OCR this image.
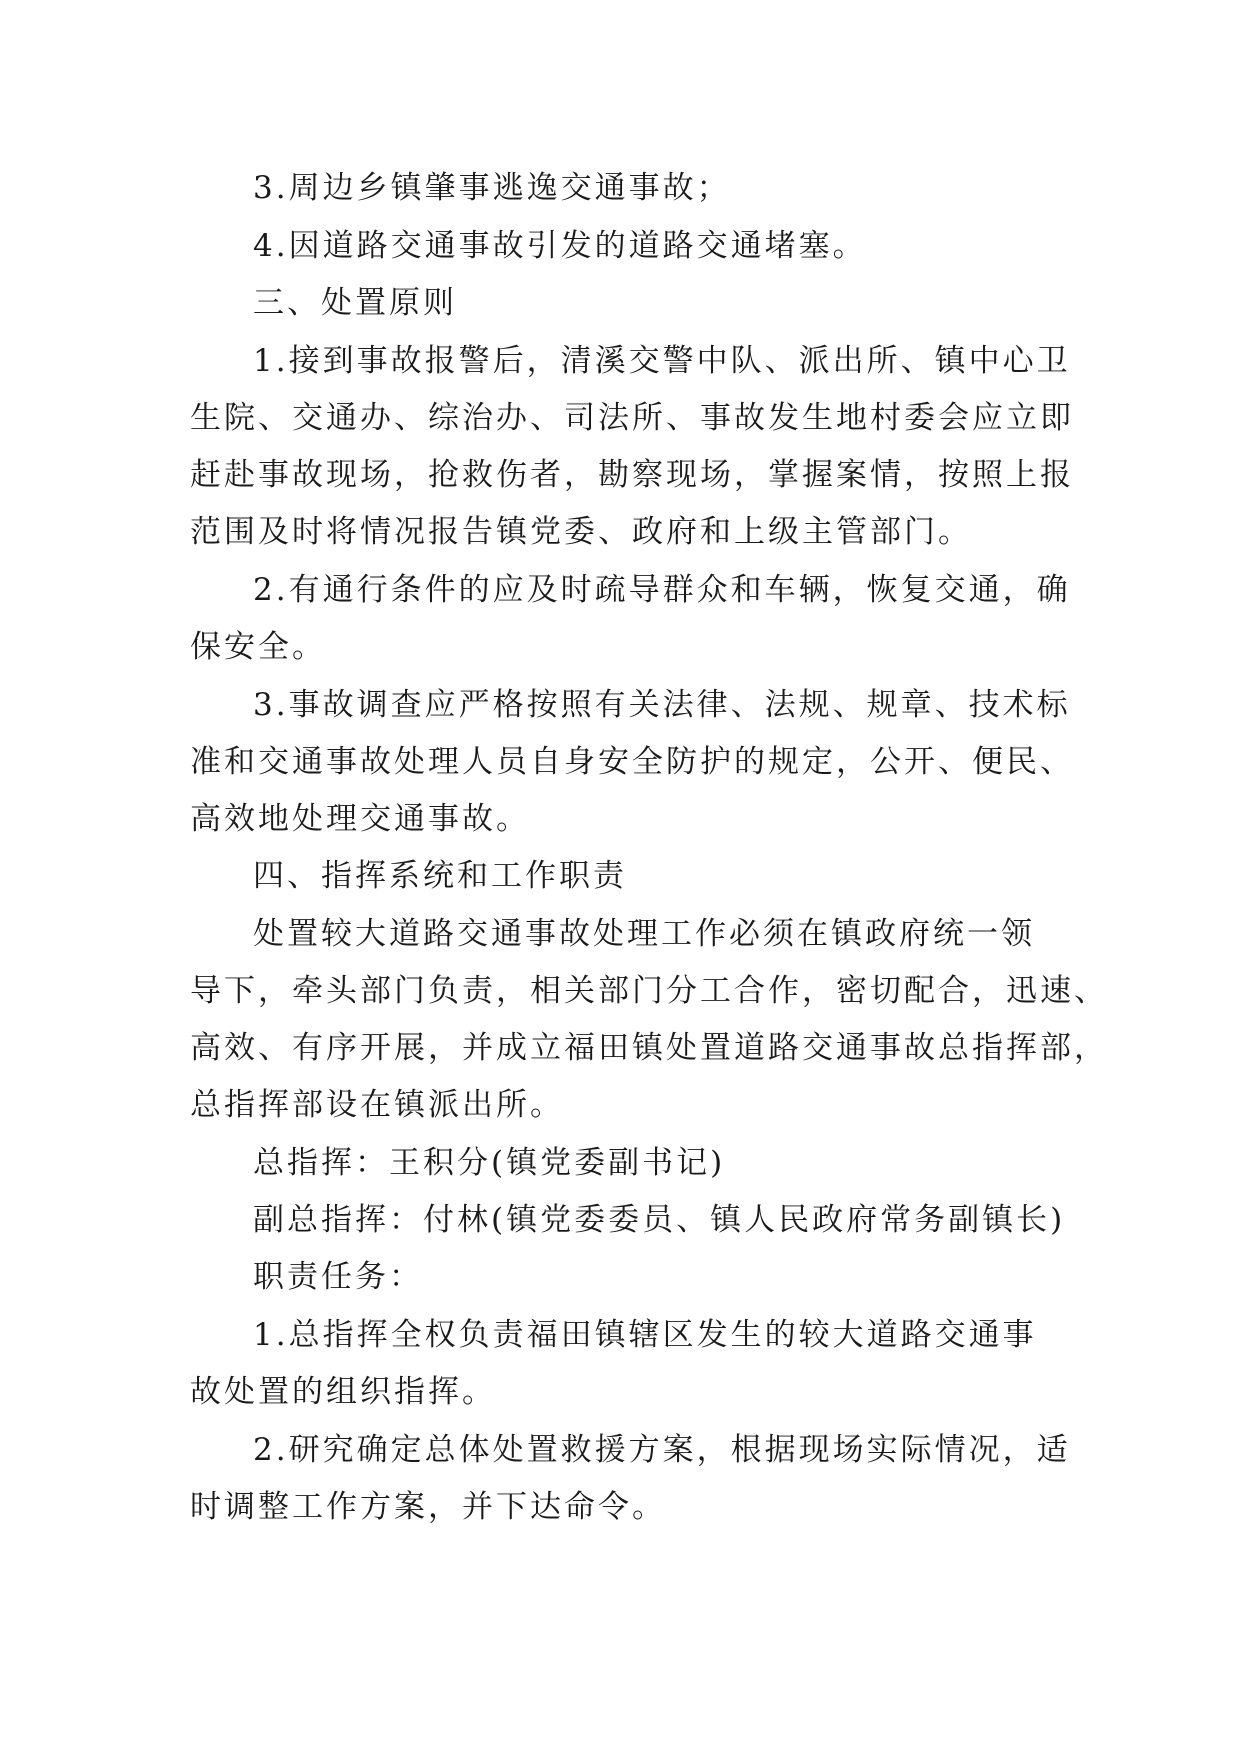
3.周边乡镇肇事逃逸交通事故；
4.因道路交通事故引发的道路交通堵塞。
三、处置原则
1.接到事故报警后，清溪交警中队、派出所、镇中心卫
生院、交通办、综治办、司法所、事故发生地村委会应立即
赶赴事故现场，抢救伤者，勘察现场，掌握案情，按照上报
范围及时将情况报告镇党委、政府和上级主管部门。
2.有通行条件的应及时疏导群众和车辆，恢复交通，确
保安全。
3.事故调查应严格按照有关法律、法规、规章、技术标
准和交通事故处理人员自身安全防护的规定，公开、便民、
高效地处理交通事故。
四、指挥系统和工作职责
处置较大道路交通事故处理工作必须在镇政府统一领
导下，牵头部门负责，相关部门分工合作，密切配合，迅速、
高效、有序开展，并成立福田镇处置道路交通事故总指挥部，
总指挥部设在镇派出所。
总指挥：王积分(镇党委副书记)
副总指挥：付林(镇党委委员、镇人民政府常务副镇长)
职责任务：
1.总指挥全权负责福田镇辖区发生的较大道路交通事
故处置的组织指挥。
2.研究确定总体处置救援方案，根据现场实际情况，适
时调整工作方案，并下达命令。
